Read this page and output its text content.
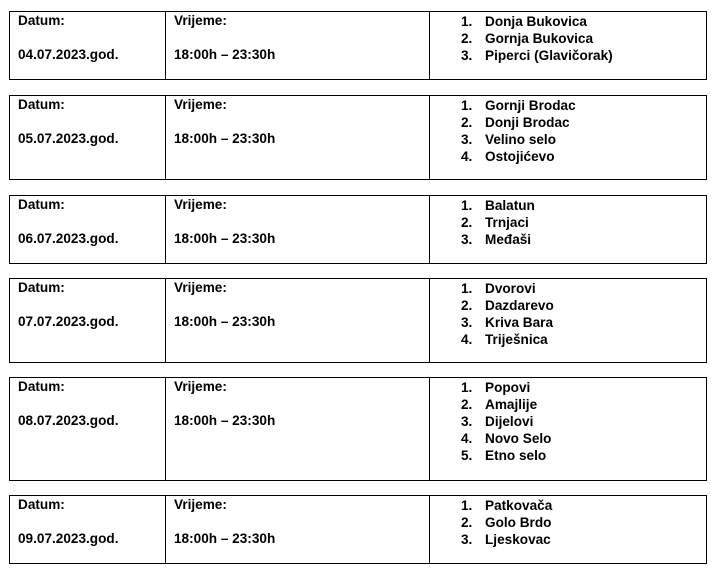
Datum:
04.07.2023.god.
Vrijeme:
18:00h – 23:30h
1. Donja Bukovica
2. Gornja Bukovica
3. Piperci (Glavičorak)
Datum:
05.07.2023.god.
Vrijeme:
18:00h – 23:30h
1. Gornji Brodac
2. Donji Brodac
3. Velino selo
4. Ostojićevo
Datum:
06.07.2023.god.
Vrijeme:
18:00h – 23:30h
1. Balatun
2. Trnjaci
3. Međaši
Datum:
07.07.2023.god.
Vrijeme:
18:00h – 23:30h
1. Dvorovi
2. Dazdarevo
3. Kriva Bara
4. Triješnica
Datum:
08.07.2023.god.
Vrijeme:
18:00h – 23:30h
1. Popovi
2. Amajlije
3. Dijelovi
4. Novo Selo
5. Etno selo
Datum:
09.07.2023.god.
Vrijeme:
18:00h – 23:30h
1. Patkovača
2. Golo Brdo
3. Ljeskovac
